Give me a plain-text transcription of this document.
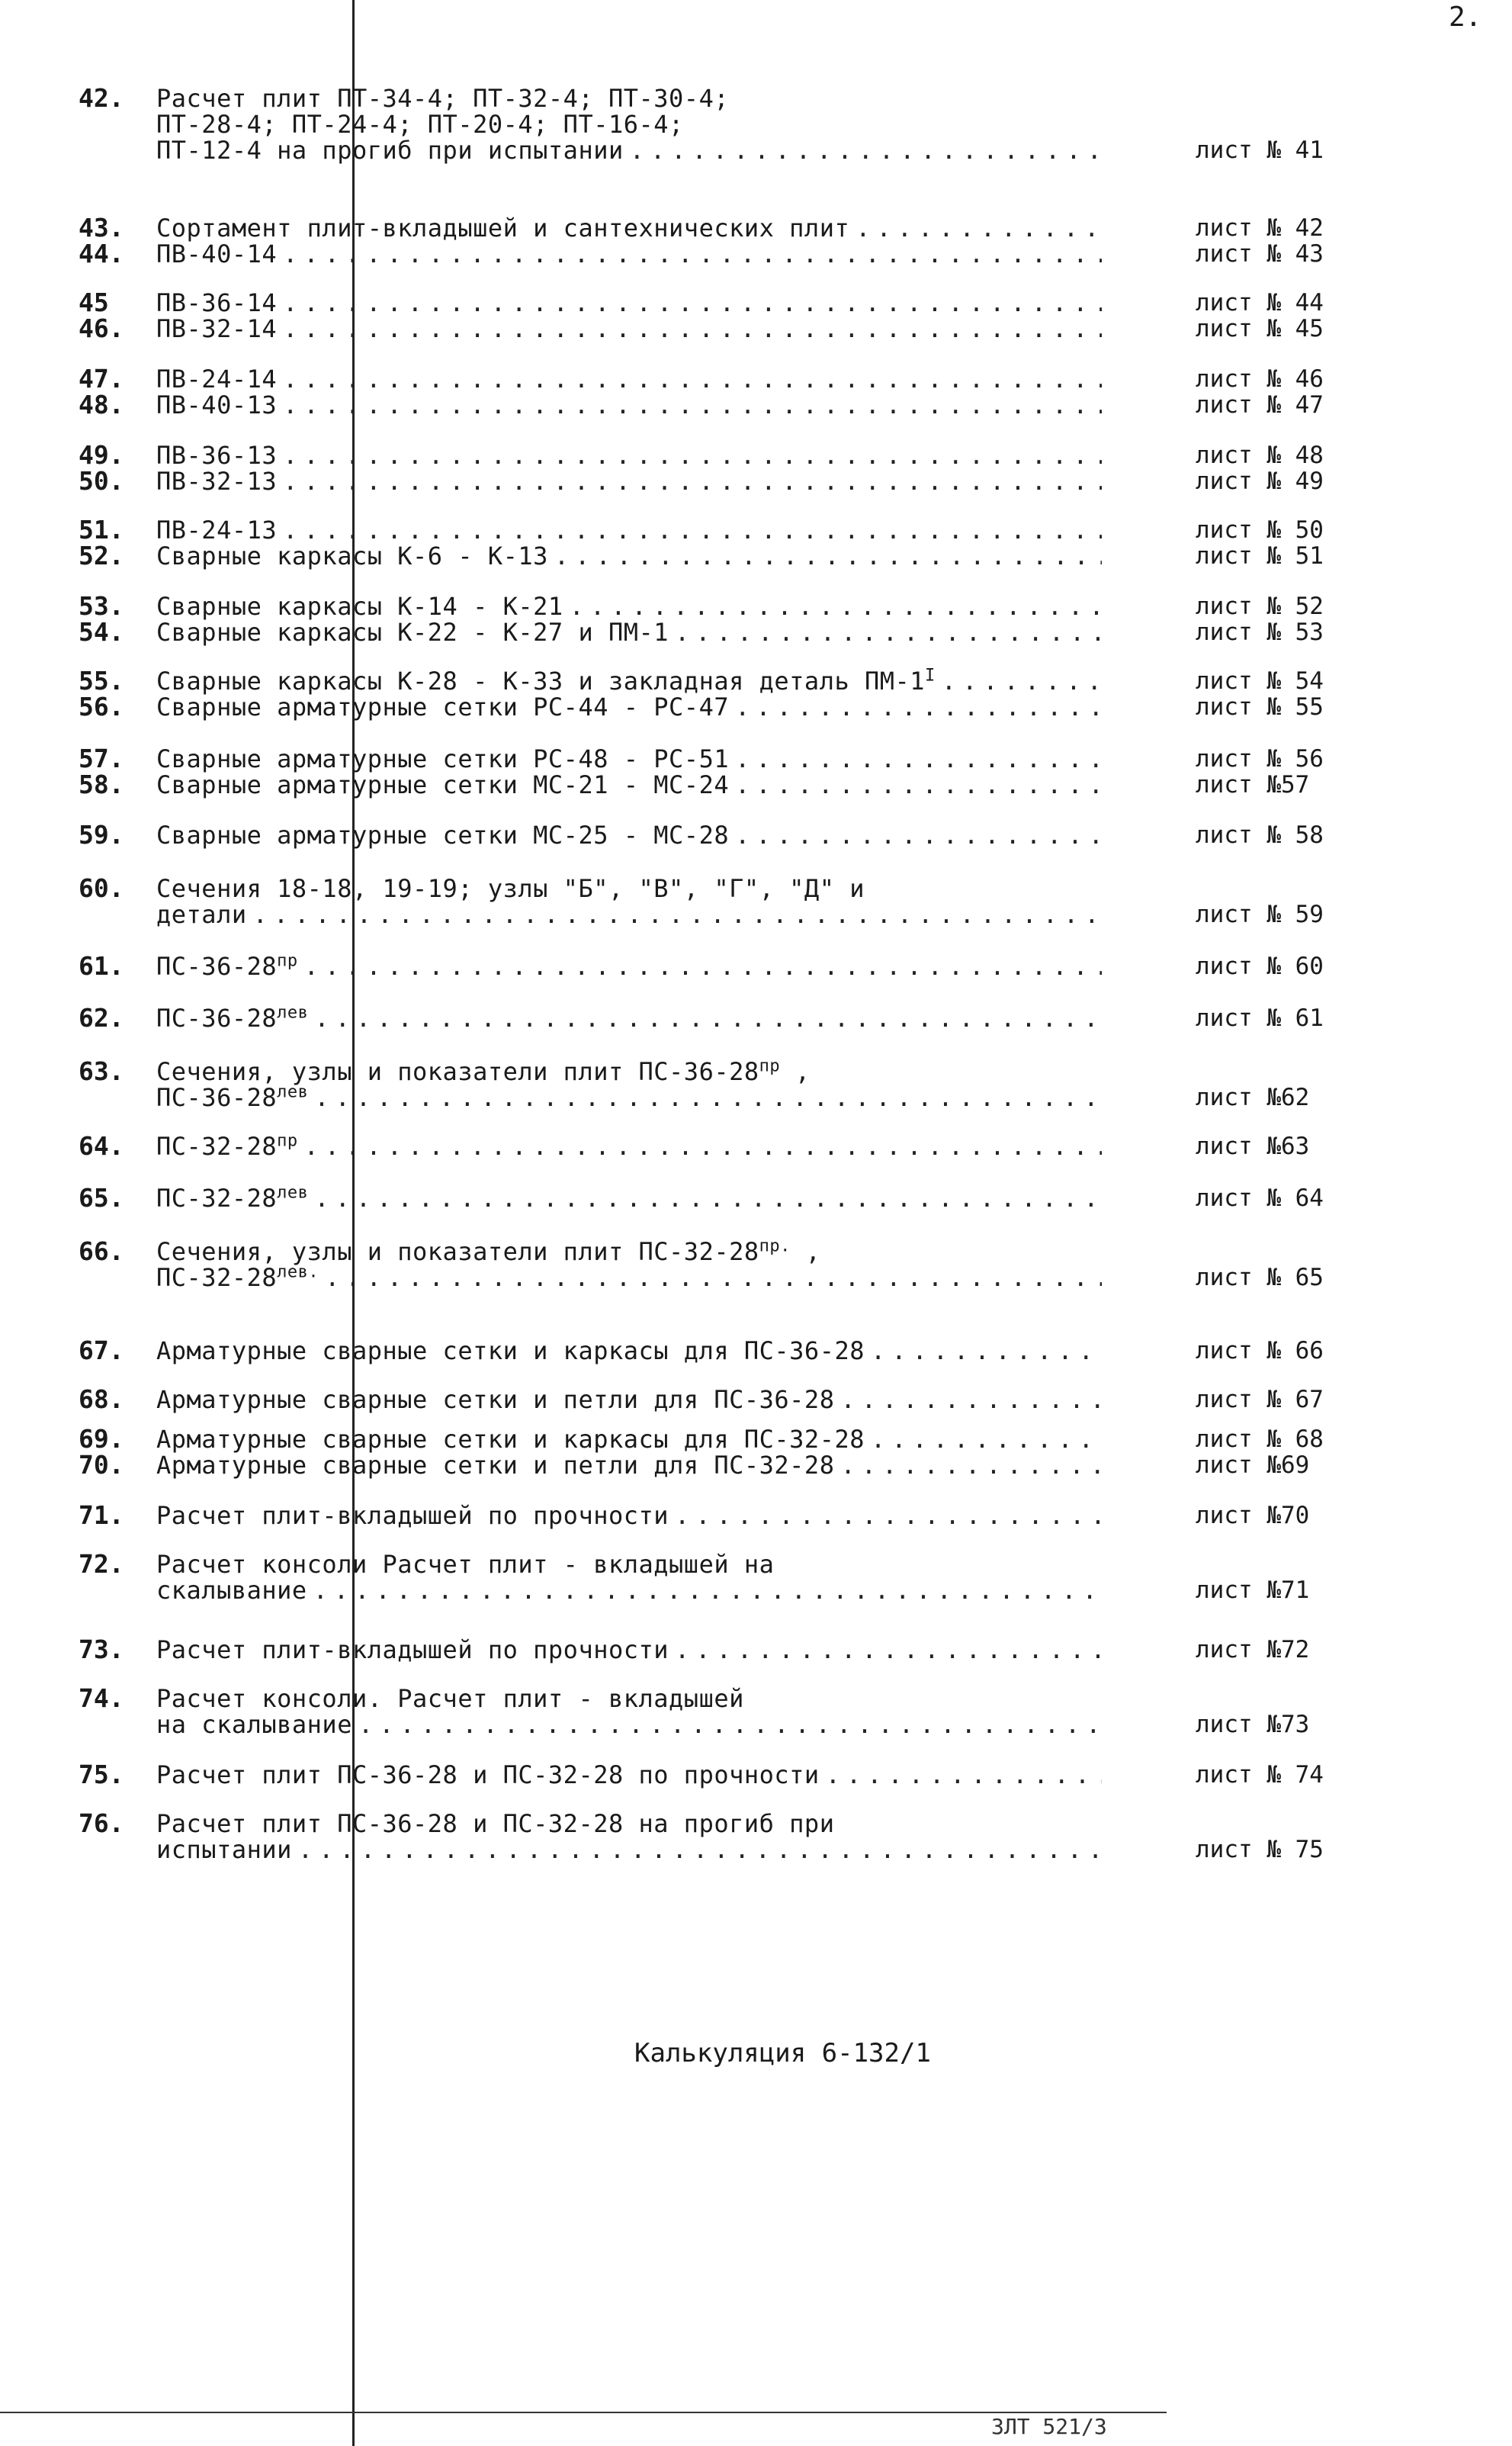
2.
42. Расчет плит ПТ-34-4; ПТ-32-4; ПТ-30-4;
ПТ-28-4; ПТ-24-4; ПТ-20-4; ПТ-16-4;
ПТ-12-4 на прогиб при испытании .....	лист № 41
43. Сортамент плит-вкладышей и сантехнических плит .....	лист № 42
44. ПВ-40-14 .....	лист № 43
45 ПВ-36-14 .....	лист № 44
46. ПВ-32-14 .....	лист № 45
47. ПВ-24-14 .....	лист № 46
48. ПВ-40-13 .....	лист № 47
49. ПВ-36-13 .....	лист № 48
50. ПВ-32-13 .....	лист № 49
51. ПВ-24-13 .....	лист № 50
52. Сварные каркасы К-6 - К-13 .....	лист № 51
53. Сварные каркасы К-14 - К-21 .....	лист № 52
54. Сварные каркасы К-22 - К-27 и ПМ-1 .....	лист № 53
55. Сварные каркасы К-28 - К-33 и закладная деталь $ПМ-1^I$ .....	лист № 54
56. Сварные арматурные сетки РС-44 - РС-47 .....	лист № 55
57. Сварные арматурные сетки РС-48 - РС-51 .....	лист № 56
58. Сварные арматурные сетки МС-21 - МС-24 .....	лист №57
59. Сварные арматурные сетки МС-25 - МС-28 .....	лист № 58
60. Сечения 18-18, 19-19; узлы "Б", "В", "Г", "Д" и
детали .....	лист № 59
61. $ПС-36-28^{пр}$ .....	лист № 60
62. $ПС-36-28^{лев}$ .....	лист № 61
63. Сечения, узлы и показатели плит $ПС-36-28^{пр}$ ,
$ПС-36-28^{лев}$ .....	лист №62
64. $ПС-32-28^{пр}$ .....	лист №63
65. $ПС-32-28^{лев}$ .....	лист № 64
66. Сечения, узлы и показатели плит $ПС-32-28^{пр.}$ ,
$ПС-32-28^{лев.}$ .....	лист № 65
67. Арматурные сварные сетки и каркасы для ПС-36-28 .....	лист № 66
68. Арматурные сварные сетки и петли для ПС-36-28 .....	лист № 67
69. Арматурные сварные сетки и каркасы для ПС-32-28 .....	лист № 68
70. Арматурные сварные сетки и петли для ПС-32-28 .....	лист №69
71. Расчет плит-вкладышей по прочности .....	лист №70
72. Расчет консоли Расчет плит - вкладышей на
скалывание .....	лист №71
73. Расчет плит-вкладышей по прочности .....	лист №72
74. Расчет консоли. Расчет плит - вкладышей
на скалывание .....	лист №73
75. Расчет плит ПС-36-28 и ПС-32-28 по прочности .....	лист № 74
76. Расчет плит ПС-36-28 и ПС-32-28 на прогиб при
испытании .....	лист № 75
Калькуляция 6-132/1
ЗЛТ 521/3
